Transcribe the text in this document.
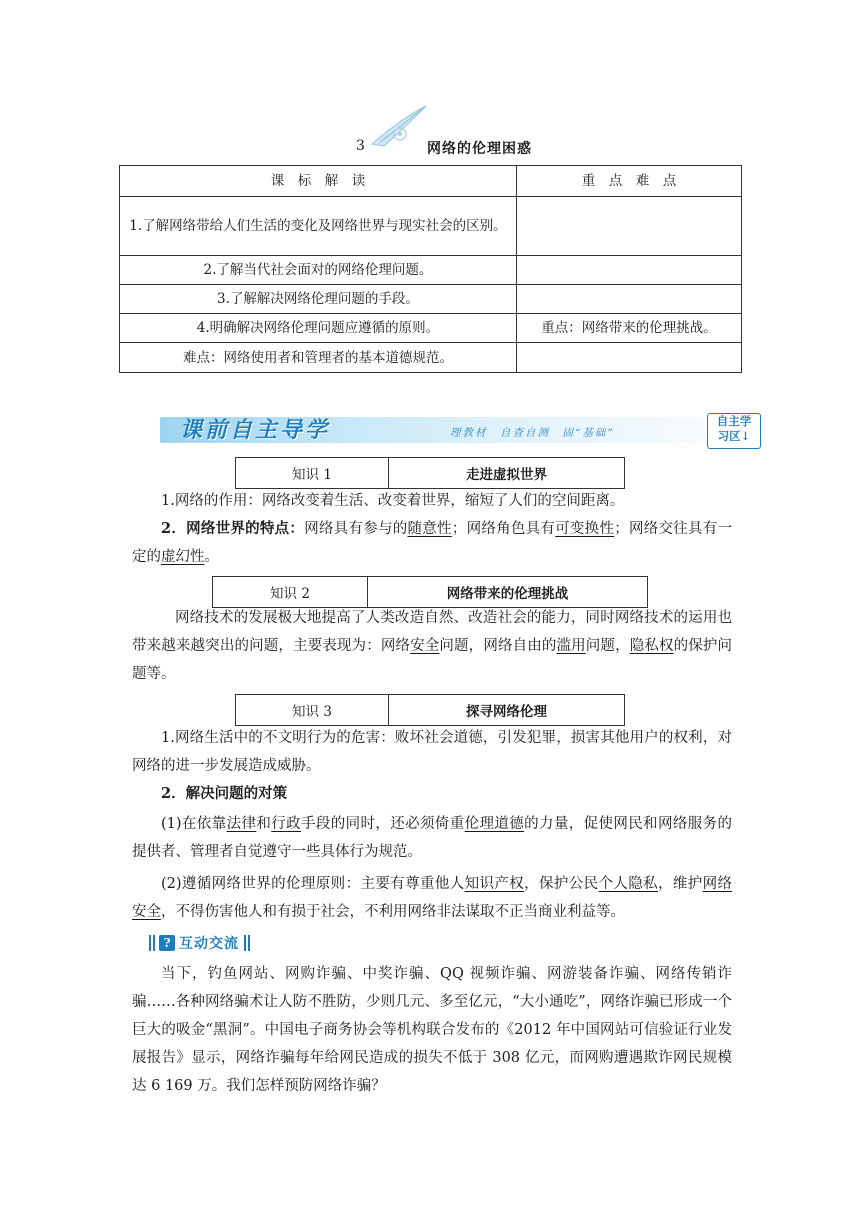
3	网络的伦理困惑
课　标　解　读	重　点　难　点
1.了解网络带给人们生活的变化及网络世界与现实社会的区别。	
2.了解当代社会面对的网络伦理问题。	
3.了解解决网络伦理问题的手段。	
4.明确解决网络伦理问题应遵循的原则。	重点：网络带来的伦理挑战。
难点：网络使用者和管理者的基本道德规范。	
课前自主导学	理教材　自查自测　固“基础”
自主学
习区↓
知识 1	走进虚拟世界
1.网络的作用：网络改变着生活、改变着世界，缩短了人们的空间距离。
2．网络世界的特点：网络具有参与的随意性；网络角色具有可变换性；网络交往具有一定的虚幻性。
知识 2	网络带来的伦理挑战
网络技术的发展极大地提高了人类改造自然、改造社会的能力，同时网络技术的运用也带来越来越突出的问题，主要表现为：网络安全问题，网络自由的滥用问题，隐私权的保护问题等。
知识 3	探寻网络伦理
1.网络生活中的不文明行为的危害：败坏社会道德，引发犯罪，损害其他用户的权利，对网络的进一步发展造成威胁。
2．解决问题的对策
(1)在依靠法律和行政手段的同时，还必须倚重伦理道德的力量，促使网民和网络服务的提供者、管理者自觉遵守一些具体行为规范。
(2)遵循网络世界的伦理原则：主要有尊重他人知识产权，保护公民个人隐私，维护网络安全，不得伤害他人和有损于社会，不利用网络非法谋取不正当商业利益等。
? 互动交流
当下，钓鱼网站、网购诈骗、中奖诈骗、QQ 视频诈骗、网游装备诈骗、网络传销诈骗……各种网络骗术让人防不胜防，少则几元、多至亿元，“大小通吃”，网络诈骗已形成一个巨大的吸金“黑洞”。中国电子商务协会等机构联合发布的《2012 年中国网站可信验证行业发展报告》显示，网络诈骗每年给网民造成的损失不低于 308 亿元，而网购遭遇欺诈网民规模达 6 169 万。我们怎样预防网络诈骗？
